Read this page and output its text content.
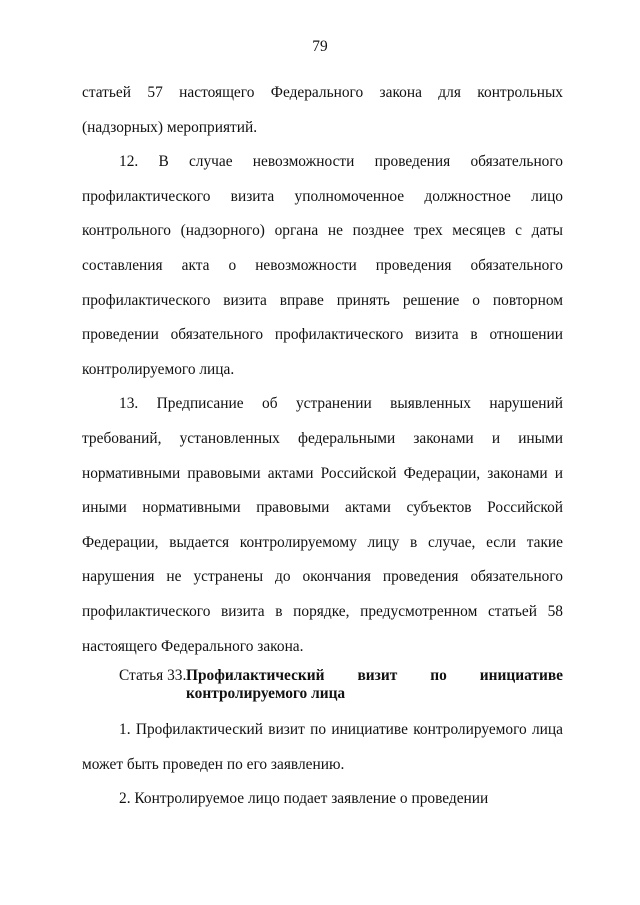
79

статьей 57 настоящего Федерального закона для контрольных (надзорных) мероприятий.

12. В случае невозможности проведения обязательного профилактического визита уполномоченное должностное лицо контрольного (надзорного) органа не позднее трех месяцев с даты составления акта о невозможности проведения обязательного профилактического визита вправе принять решение о повторном проведении обязательного профилактического визита в отношении контролируемого лица.

13. Предписание об устранении выявленных нарушений требований, установленных федеральными законами и иными нормативными правовыми актами Российской Федерации, законами и иными нормативными правовыми актами субъектов Российской Федерации, выдается контролируемому лицу в случае, если такие нарушения не устранены до окончания проведения обязательного профилактического визита в порядке, предусмотренном статьей 58 настоящего Федерального закона.

Статья 33. Профилактический визит по инициативе
контролируемого лица

1. Профилактический визит по инициативе контролируемого лица может быть проведен по его заявлению.

2. Контролируемое лицо подает заявление о проведении
